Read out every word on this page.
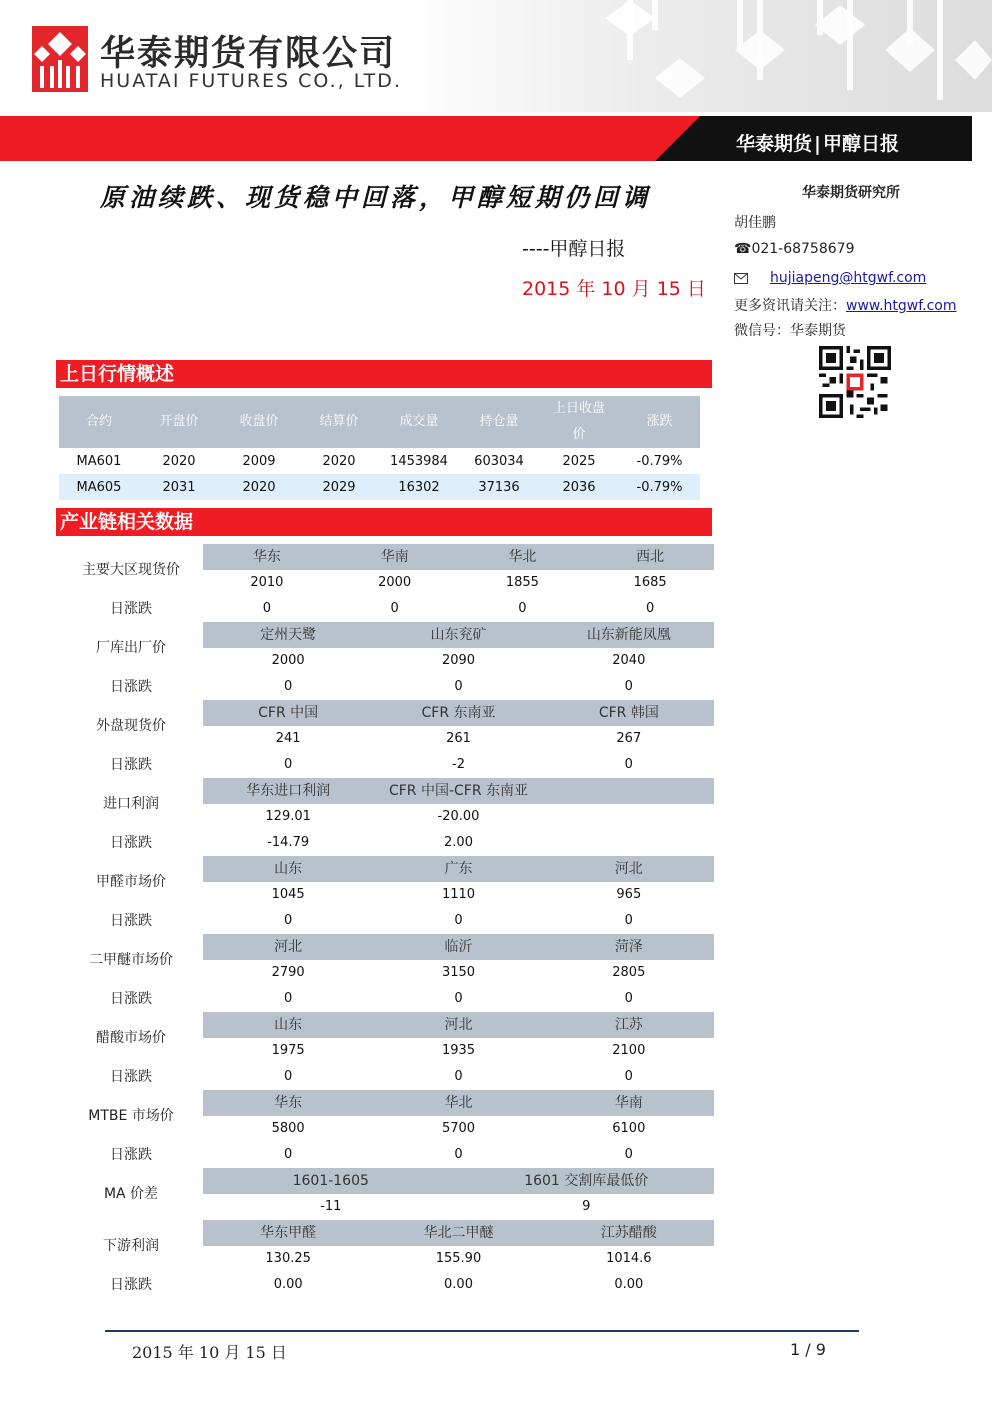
华泰期货有限公司
HUATAI FUTURES CO., LTD.
华泰期货 | 甲醇日报
原油续跌、现货稳中回落，甲醇短期仍回调
----甲醇日报
2015 年 10 月 15 日
华泰期货研究所
胡佳鹏
☎021-68758679
hujiapeng@htgwf.com
更多资讯请关注：www.htgwf.com
微信号：华泰期货
上日行情概述
合约	开盘价	收盘价	结算价	成交量	持仓量	上日收盘价	涨跌
MA601	2020	2009	2020	1453984	603034	2025	-0.79%
MA605	2031	2020	2029	16302	37136	2036	-0.79%
产业链相关数据
主要大区现货价
华东	华南	华北	西北
2010	2000	1855	1685
日涨跌	0	0	0	0
厂库出厂价
定州天鹭	山东兖矿	山东新能凤凰
2000	2090	2040
日涨跌	0	0	0
外盘现货价
CFR 中国	CFR 东南亚	CFR 韩国
241	261	267
日涨跌	0	-2	0
进口利润
华东进口利润	CFR 中国-CFR 东南亚
129.01	-20.00
日涨跌	-14.79	2.00
甲醛市场价
山东	广东	河北
1045	1110	965
日涨跌	0	0	0
二甲醚市场价
河北	临沂	菏泽
2790	3150	2805
日涨跌	0	0	0
醋酸市场价
山东	河北	江苏
1975	1935	2100
日涨跌	0	0	0
MTBE 市场价
华东	华北	华南
5800	5700	6100
日涨跌	0	0	0
MA 价差
1601-1605	1601 交割库最低价
-11	9
下游利润
华东甲醛	华北二甲醚	江苏醋酸
130.25	155.90	1014.6
日涨跌	0.00	0.00	0.00
2015 年 10 月 15 日	1 / 9
